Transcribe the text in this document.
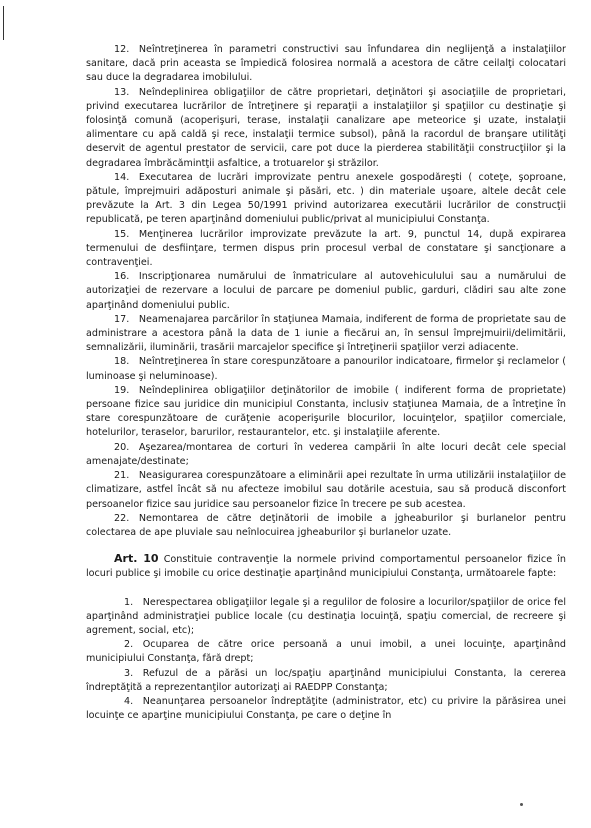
12.  Neîntreţinerea în parametri constructivi sau înfundarea din neglijenţă a instalaţiilor sanitare, dacă prin aceasta se împiedică folosirea normală a acestora de către ceilalţi colocatari sau duce la degradarea imobilului.

13.  Neîndeplinirea obligaţiilor de către proprietari, deţinători şi asociaţiile de proprietari, privind executarea lucrărilor de întreţinere şi reparaţii a instalaţiilor şi spaţiilor cu destinaţie şi folosinţă comună (acoperişuri, terase, instalaţii canalizare ape meteorice şi uzate, instalaţii alimentare cu apă caldă şi rece, instalaţii termice subsol), până la racordul de branşare utilităţi deservit de agentul prestator de servicii, care pot duce la pierderea stabilităţii construcţiilor şi la degradarea îmbrăcămintţii asfaltice, a trotuarelor şi străzilor.

14.  Executarea de lucrări improvizate pentru anexele gospodăreşti ( coteţe, şoproane, pătule, împrejmuiri adăposturi animale şi păsări, etc. ) din materiale uşoare, altele decât cele prevăzute la Art. 3 din Legea 50/1991 privind autorizarea executării lucrărilor de construcţii republicată, pe teren aparţinând domeniului public/privat al municipiului Constanţa.

15.  Menţinerea lucrărilor improvizate prevăzute la art. 9, punctul 14, după expirarea termenului de desfiinţare, termen dispus prin procesul verbal de constatare şi sancţionare a contravenţiei.

16.  Inscripţionarea numărului de înmatriculare al autovehiculului sau a numărului de autorizaţiei de rezervare a locului de parcare pe domeniul public, garduri, clădiri sau alte zone aparţinând domeniului public.

17.  Neamenajarea parcărilor în staţiunea Mamaia, indiferent de forma de proprietate sau de administrare a acestora până la data de 1 iunie a fiecărui an, în sensul împrejmuirii/delimitării, semnalizării, iluminării, trasării marcajelor specifice şi întreţinerii spaţiilor verzi adiacente.

18.  Neîntreţinerea în stare corespunzătoare a panourilor indicatoare, firmelor şi reclamelor ( luminoase şi neluminoase).

19.  Neîndeplinirea obligaţiilor deţinătorilor de imobile ( indiferent forma de proprietate) persoane fizice sau juridice din municipiul Constanta, inclusiv staţiunea Mamaia, de a întreţine în stare corespunzătoare de curăţenie acoperişurile blocurilor, locuinţelor, spaţiilor comerciale, hotelurilor, teraselor, barurilor, restaurantelor, etc. şi instalaţiile aferente.

20.  Aşezarea/montarea de corturi în vederea campării în alte locuri decât cele special amenajate/destinate;

21.  Neasigurarea corespunzătoare a eliminării apei rezultate în urma utilizării instalaţiilor de climatizare, astfel încât să nu afecteze imobilul sau dotările acestuia, sau să producă disconfort persoanelor fizice sau juridice sau persoanelor fizice în trecere pe sub acestea.

22.  Nemontarea de către deţinătorii de imobile a jgheaburilor şi burlanelor pentru colectarea de ape pluviale sau neînlocuirea jgheaburilor şi burlanelor uzate.

Art. 10 Constituie contravenţie la normele privind comportamentul persoanelor fizice în locuri publice şi imobile cu orice destinaţie aparţinând municipiului Constanţa, următoarele fapte:

1.  Nerespectarea obligaţiilor legale şi a regulilor de folosire a locurilor/spaţiilor de orice fel aparţinând administraţiei publice locale (cu destinaţia locuinţă, spaţiu comercial, de recreere şi agrement, social, etc);

2.  Ocuparea de către orice persoană a unui imobil, a unei locuinţe, aparţinând municipiului Constanţa, fără drept;

3.  Refuzul de a părăsi un loc/spaţiu aparţinând municipiului Constanta, la cererea îndreptăţită a reprezentanţilor autorizaţi ai RAEDPP Constanţa;

4.  Neanunţarea persoanelor îndreptăţite (administrator, etc) cu privire la părăsirea unei locuinţe ce aparţine municipiului Constanţa, pe care o deţine în
